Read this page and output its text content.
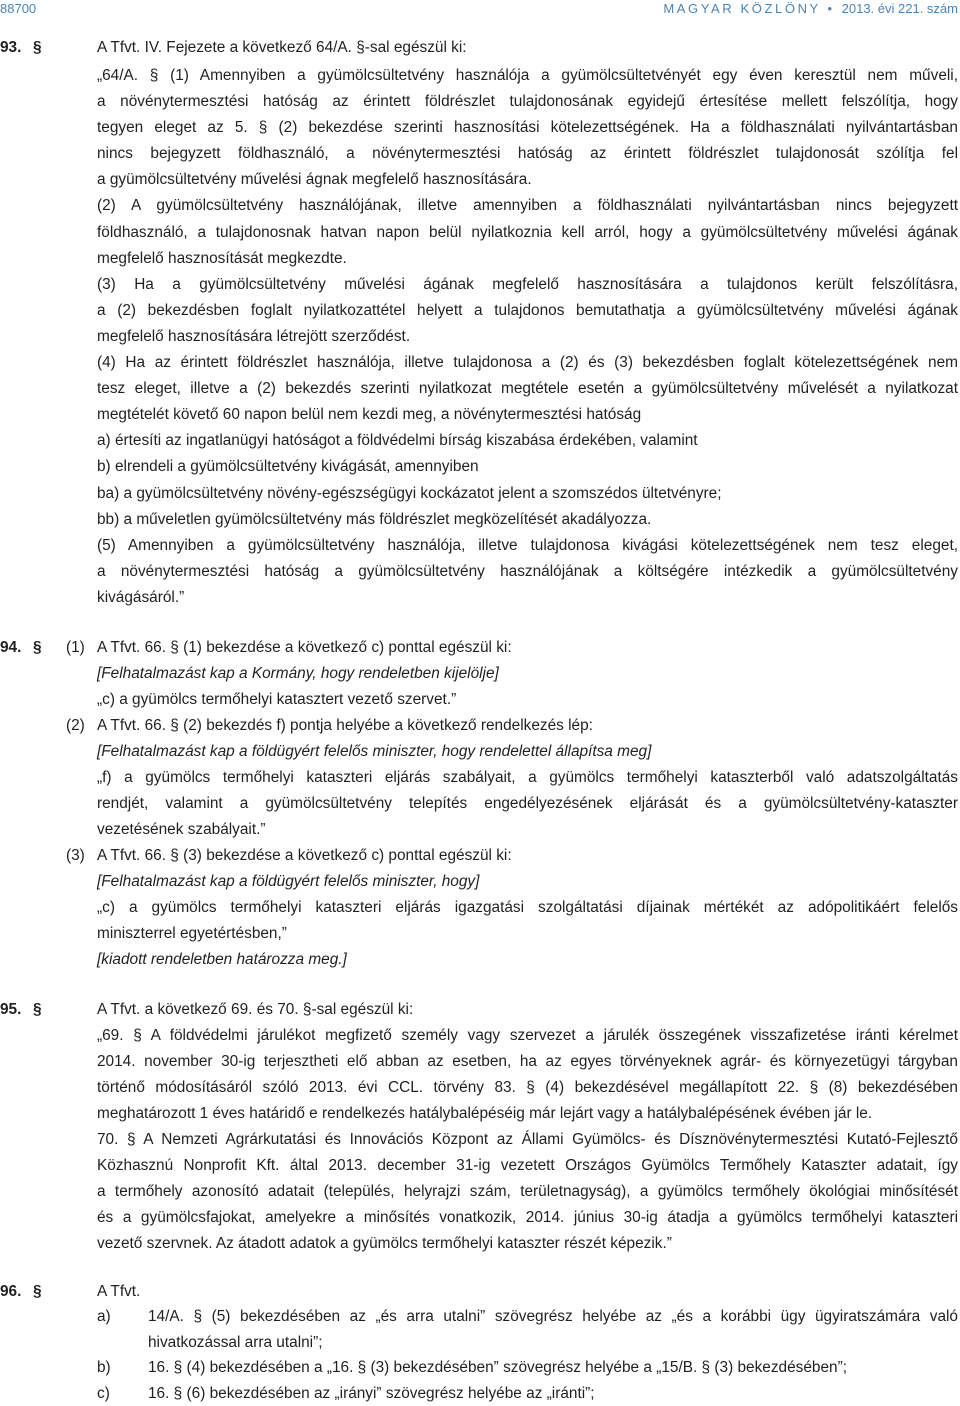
88700	MAGYAR KÖZLÖNY • 2013. évi 221. szám
93. §	A Tfvt. IV. Fejezete a következő 64/A. §-sal egészül ki:
„64/A. § (1) Amennyiben a gyümölcsültetvény használója a gyümölcsültetvényét egy éven keresztül nem műveli,
a növénytermesztési hatóság az érintett földrészlet tulajdonosának egyidejű értesítése mellett felszólítja, hogy
tegyen eleget az 5. § (2) bekezdése szerinti hasznosítási kötelezettségének. Ha a földhasználati nyilvántartásban
nincs bejegyzett földhasználó, a növénytermesztési hatóság az érintett földrészlet tulajdonosát szólítja fel
a gyümölcsültetvény művelési ágnak megfelelő hasznosítására.
(2) A gyümölcsültetvény használójának, illetve amennyiben a földhasználati nyilvántartásban nincs bejegyzett
földhasználó, a tulajdonosnak hatvan napon belül nyilatkoznia kell arról, hogy a gyümölcsültetvény művelési ágának
megfelelő hasznosítását megkezdte.
(3) Ha a gyümölcsültetvény művelési ágának megfelelő hasznosítására a tulajdonos került felszólításra,
a (2) bekezdésben foglalt nyilatkozattétel helyett a tulajdonos bemutathatja a gyümölcsültetvény művelési ágának
megfelelő hasznosítására létrejött szerződést.
(4) Ha az érintett földrészlet használója, illetve tulajdonosa a (2) és (3) bekezdésben foglalt kötelezettségének nem
tesz eleget, illetve a (2) bekezdés szerinti nyilatkozat megtétele esetén a gyümölcsültetvény művelését a nyilatkozat
megtételét követő 60 napon belül nem kezdi meg, a növénytermesztési hatóság
a) értesíti az ingatlanügyi hatóságot a földvédelmi bírság kiszabása érdekében, valamint
b) elrendeli a gyümölcsültetvény kivágását, amennyiben
ba) a gyümölcsültetvény növény-egészségügyi kockázatot jelent a szomszédos ültetvényre;
bb) a műveletlen gyümölcsültetvény más földrészlet megközelítését akadályozza.
(5) Amennyiben a gyümölcsültetvény használója, illetve tulajdonosa kivágási kötelezettségének nem tesz eleget,
a növénytermesztési hatóság a gyümölcsültetvény használójának a költségére intézkedik a gyümölcsültetvény
kivágásáról.”
94. § (1) A Tfvt. 66. § (1) bekezdése a következő c) ponttal egészül ki:
[Felhatalmazást kap a Kormány, hogy rendeletben kijelölje]
„c) a gyümölcs termőhelyi katasztert vezető szervet.”
(2) A Tfvt. 66. § (2) bekezdés f) pontja helyébe a következő rendelkezés lép:
[Felhatalmazást kap a földügyért felelős miniszter, hogy rendelettel állapítsa meg]
„f) a gyümölcs termőhelyi kataszteri eljárás szabályait, a gyümölcs termőhelyi kataszterből való adatszolgáltatás
rendjét, valamint a gyümölcsültetvény telepítés engedélyezésének eljárását és a gyümölcsültetvény-kataszter
vezetésének szabályait.”
(3) A Tfvt. 66. § (3) bekezdése a következő c) ponttal egészül ki:
[Felhatalmazást kap a földügyért felelős miniszter, hogy]
„c) a gyümölcs termőhelyi kataszteri eljárás igazgatási szolgáltatási díjainak mértékét az adópolitikáért felelős
miniszterrel egyetértésben,”
[kiadott rendeletben határozza meg.]
95. §	A Tfvt. a következő 69. és 70. §-sal egészül ki:
„69. § A földvédelmi járulékot megfizető személy vagy szervezet a járulék összegének visszafizetése iránti kérelmet
2014. november 30-ig terjesztheti elő abban az esetben, ha az egyes törvényeknek agrár- és környezetügyi tárgyban
történő módosításáról szóló 2013. évi CCL. törvény 83. § (4) bekezdésével megállapított 22. § (8) bekezdésében
meghatározott 1 éves határidő e rendelkezés hatálybalépéséig már lejárt vagy a hatálybalépésének évében jár le.
70. § A Nemzeti Agrárkutatási és Innovációs Központ az Állami Gyümölcs- és Dísznövénytermesztési Kutató-Fejlesztő
Közhasznú Nonprofit Kft. által 2013. december 31-ig vezetett Országos Gyümölcs Termőhely Kataszter adatait, így
a termőhely azonosító adatait (település, helyrajzi szám, területnagyság), a gyümölcs termőhely ökológiai minősítését
és a gyümölcsfajokat, amelyekre a minősítés vonatkozik, 2014. június 30-ig átadja a gyümölcs termőhelyi kataszteri
vezető szervnek. Az átadott adatok a gyümölcs termőhelyi kataszter részét képezik.”
96. §	A Tfvt.
a) 14/A. § (5) bekezdésében az „és arra utalni” szövegrész helyébe az „és a korábbi ügy ügyiratszámára való
hivatkozással arra utalni”;
b) 16. § (4) bekezdésében a „16. § (3) bekezdésében” szövegrész helyébe a „15/B. § (3) bekezdésében”;
c) 16. § (6) bekezdésében az „irányi” szövegrész helyébe az „iránti”;
